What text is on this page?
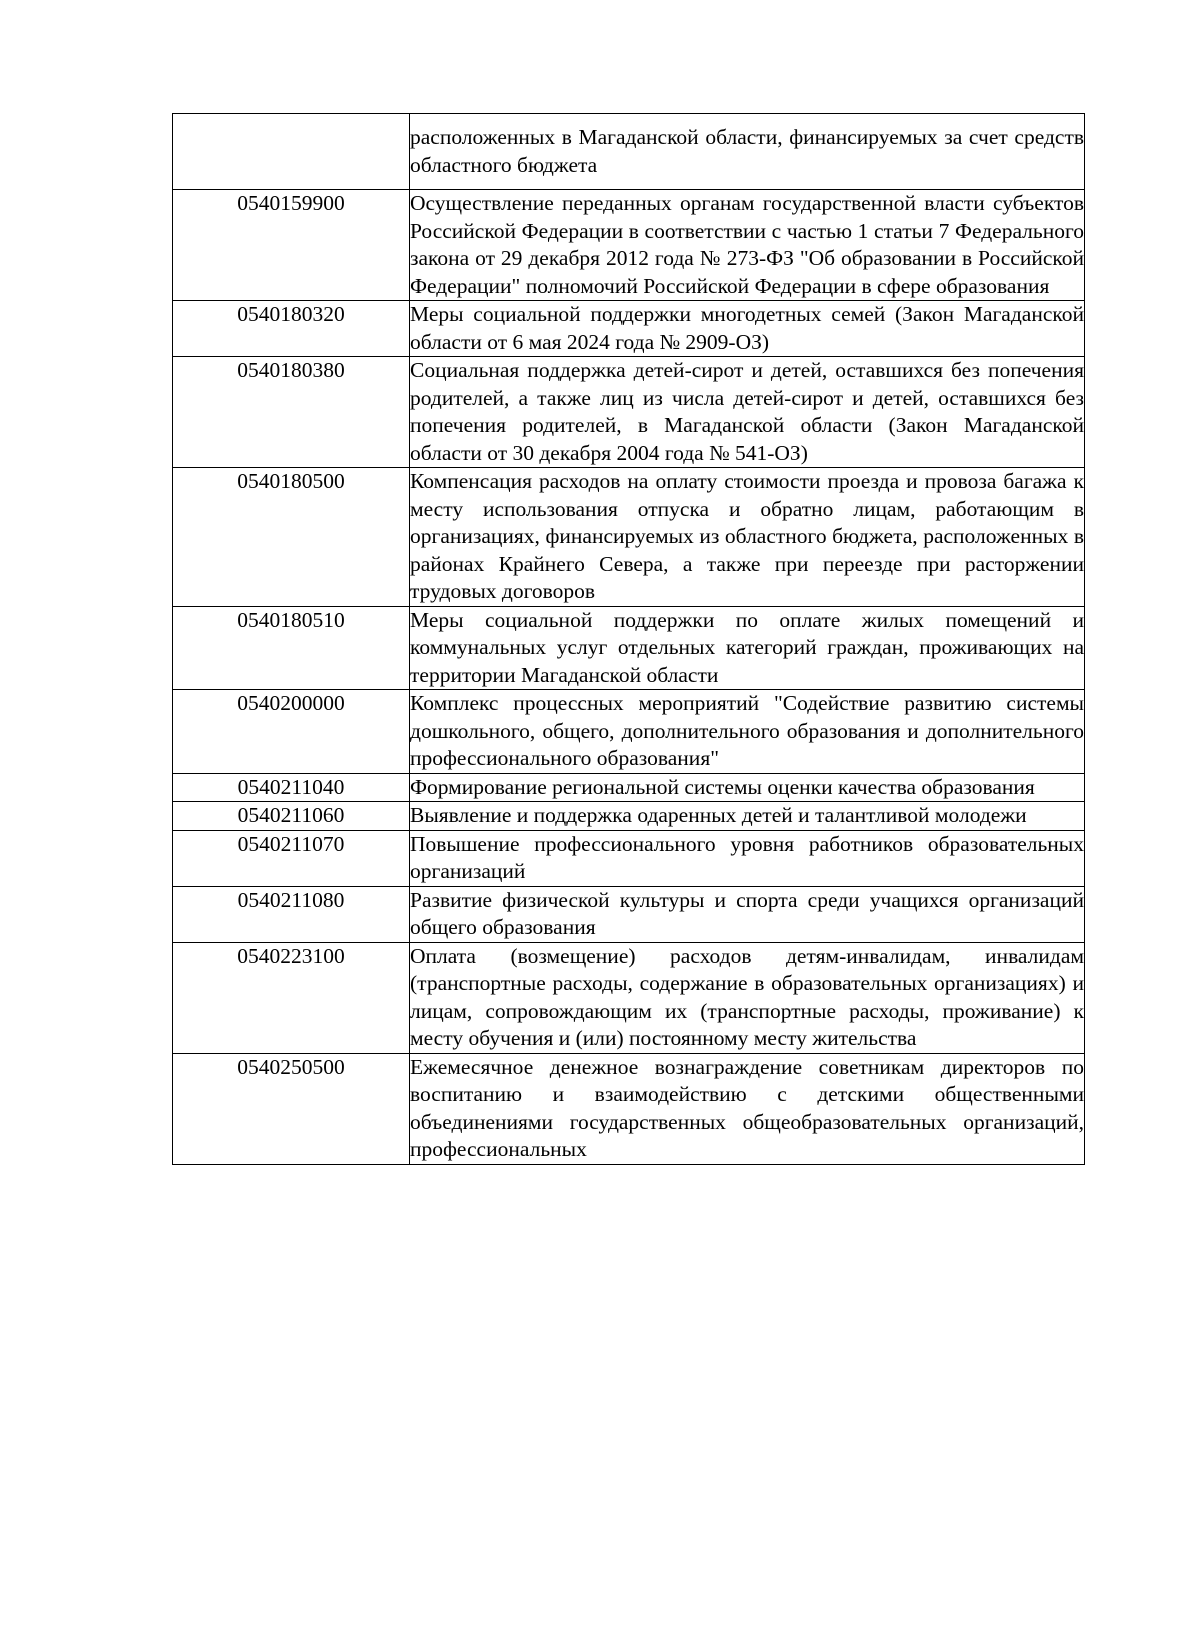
	расположенных в Магаданской области, финансируемых за счет средств областного бюджета

0540159900	Осуществление переданных органам государственной власти субъектов Российской Федерации в соответствии с частью 1 статьи 7 Федерального закона от 29 декабря 2012 года № 273-ФЗ "Об образовании в Российской Федерации" полномочий Российской Федерации в сфере образования

0540180320	Меры социальной поддержки многодетных семей (Закон Магаданской области от 6 мая 2024 года № 2909-ОЗ)

0540180380	Социальная поддержка детей-сирот и детей, оставшихся без попечения родителей, а также лиц из числа детей-сирот и детей, оставшихся без попечения родителей, в Магаданской области (Закон Магаданской области от 30 декабря 2004 года № 541-ОЗ)

0540180500	Компенсация расходов на оплату стоимости проезда и провоза багажа к месту использования отпуска и обратно лицам, работающим в организациях, финансируемых из областного бюджета, расположенных в районах Крайнего Севера, а также при переезде при расторжении трудовых договоров

0540180510	Меры социальной поддержки по оплате жилых помещений и коммунальных услуг отдельных категорий граждан, проживающих на территории Магаданской области

0540200000	Комплекс процессных мероприятий "Содействие развитию системы дошкольного, общего, дополнительного образования и дополнительного профессионального образования"

0540211040	Формирование региональной системы оценки качества образования

0540211060	Выявление и поддержка одаренных детей и талантливой молодежи

0540211070	Повышение профессионального уровня работников образовательных организаций

0540211080	Развитие физической культуры и спорта среди учащихся организаций общего образования

0540223100	Оплата (возмещение) расходов детям-инвалидам, инвалидам (транспортные расходы, содержание в образовательных организациях) и лицам, сопровождающим их (транспортные расходы, проживание) к месту обучения и (или) постоянному месту жительства

0540250500	Ежемесячное денежное вознаграждение советникам директоров по воспитанию и взаимодействию с детскими общественными объединениями государственных общеобразовательных организаций, профессиональных
